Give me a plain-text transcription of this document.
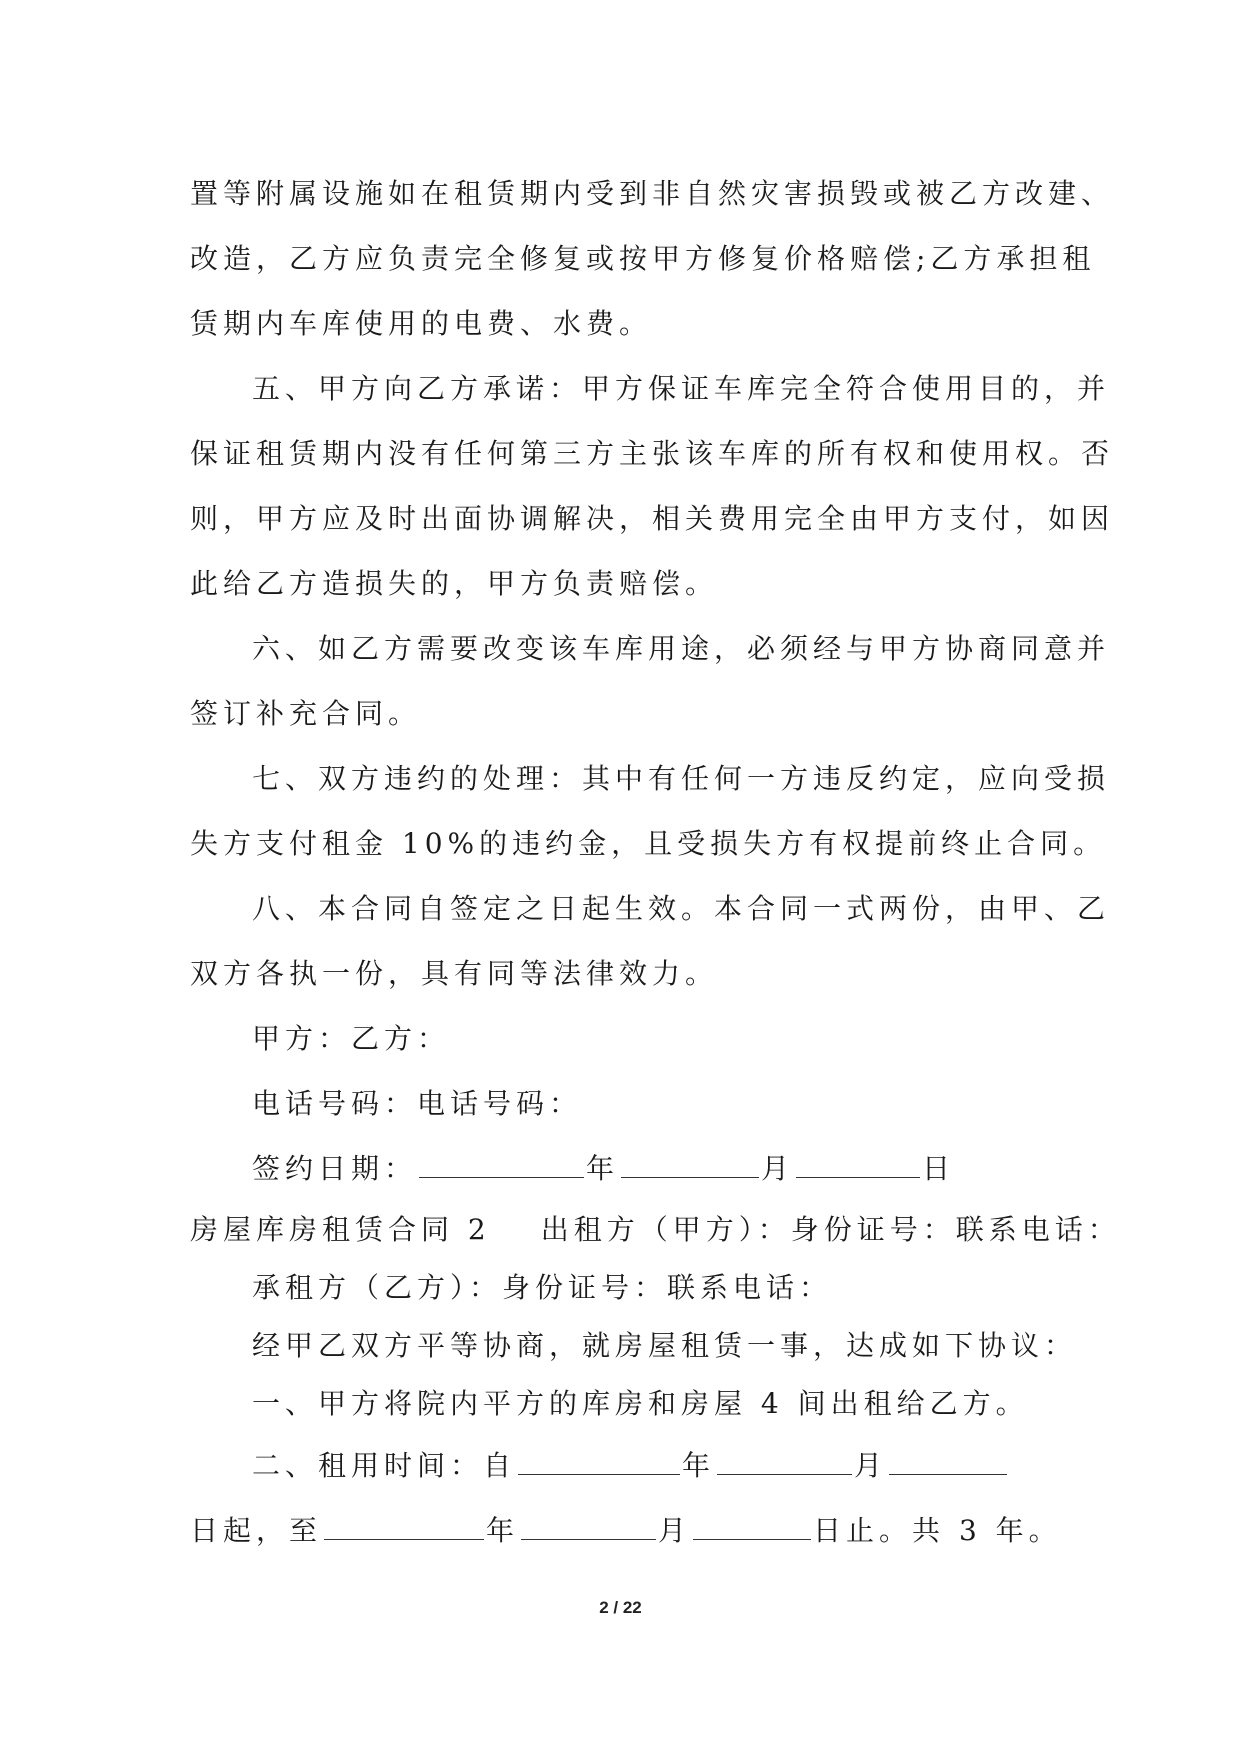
置等附属设施如在租赁期内受到非自然灾害损毁或被乙方改建、
改造，乙方应负责完全修复或按甲方修复价格赔偿;乙方承担租
赁期内车库使用的电费、水费。
五、甲方向乙方承诺：甲方保证车库完全符合使用目的，并
保证租赁期内没有任何第三方主张该车库的所有权和使用权。否
则，甲方应及时出面协调解决，相关费用完全由甲方支付，如因
此给乙方造损失的，甲方负责赔偿。
六、如乙方需要改变该车库用途，必须经与甲方协商同意并
签订补充合同。
七、双方违约的处理：其中有任何一方违反约定，应向受损
失方支付租金 10%的违约金，且受损失方有权提前终止合同。
八、本合同自签定之日起生效。本合同一式两份，由甲、乙
双方各执一份，具有同等法律效力。
甲方：乙方：
电话号码：电话号码：
签约日期：	年	月	日
房屋库房租赁合同 2 出租方（甲方）：身份证号：联系电话：
承租方（乙方）：身份证号：联系电话：
经甲乙双方平等协商，就房屋租赁一事，达成如下协议：
一、甲方将院内平方的库房和房屋 4 间出租给乙方。
二、租用时间：自	年	月
日起，至	年	月	日止。共 3 年。
2 / 22
